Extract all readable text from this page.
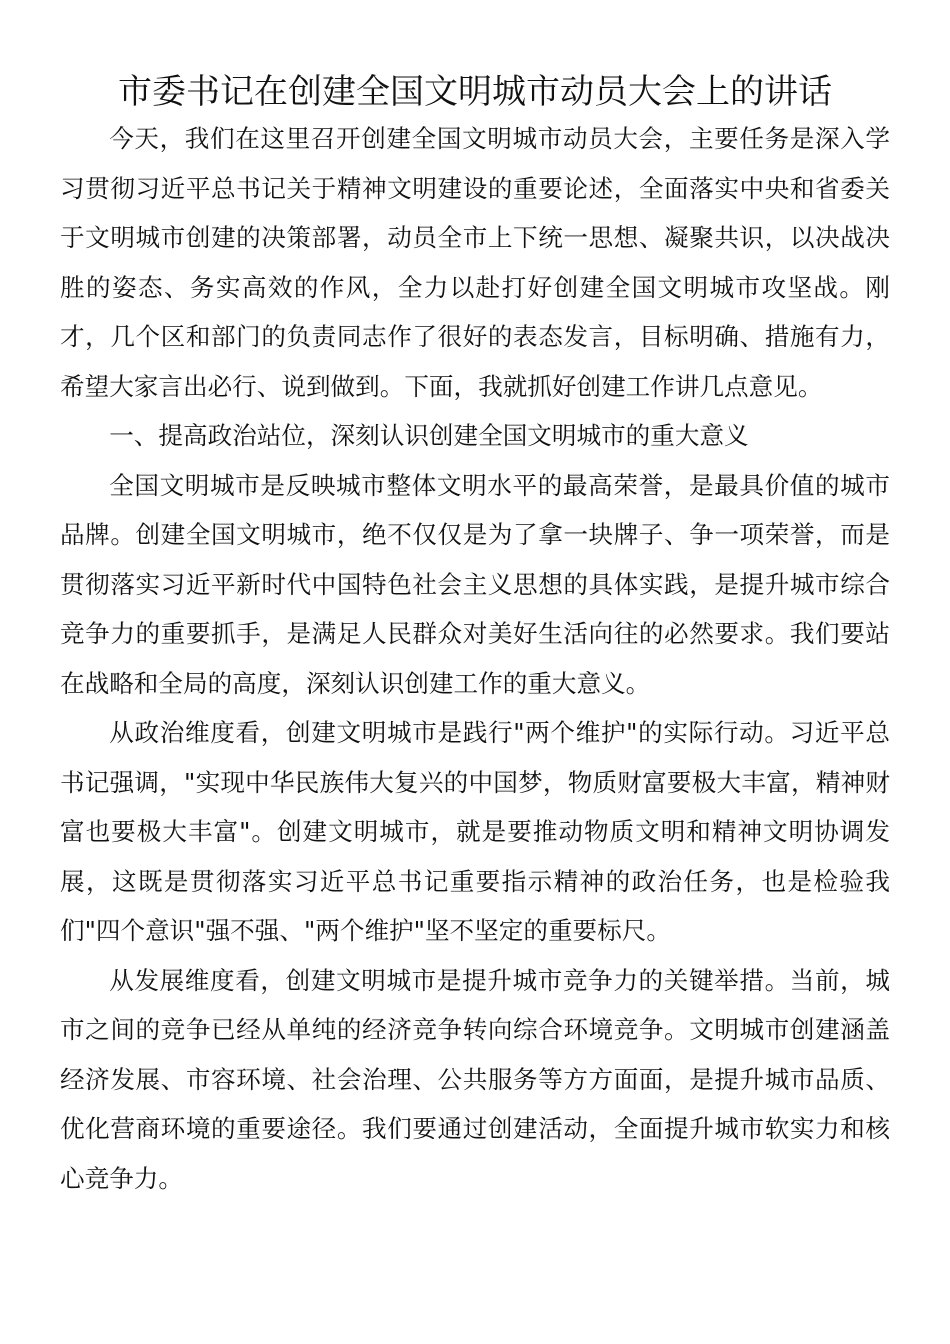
市委书记在创建全国文明城市动员大会上的讲话

今天，我们在这里召开创建全国文明城市动员大会，主要任务是深入学习贯彻习近平总书记关于精神文明建设的重要论述，全面落实中央和省委关于文明城市创建的决策部署，动员全市上下统一思想、凝聚共识，以决战决胜的姿态、务实高效的作风，全力以赴打好创建全国文明城市攻坚战。刚才，几个区和部门的负责同志作了很好的表态发言，目标明确、措施有力，希望大家言出必行、说到做到。下面，我就抓好创建工作讲几点意见。

一、提高政治站位，深刻认识创建全国文明城市的重大意义

全国文明城市是反映城市整体文明水平的最高荣誉，是最具价值的城市品牌。创建全国文明城市，绝不仅仅是为了拿一块牌子、争一项荣誉，而是贯彻落实习近平新时代中国特色社会主义思想的具体实践，是提升城市综合竞争力的重要抓手，是满足人民群众对美好生活向往的必然要求。我们要站在战略和全局的高度，深刻认识创建工作的重大意义。

从政治维度看，创建文明城市是践行"两个维护"的实际行动。习近平总书记强调，"实现中华民族伟大复兴的中国梦，物质财富要极大丰富，精神财富也要极大丰富"。创建文明城市，就是要推动物质文明和精神文明协调发展，这既是贯彻落实习近平总书记重要指示精神的政治任务，也是检验我们"四个意识"强不强、"两个维护"坚不坚定的重要标尺。

从发展维度看，创建文明城市是提升城市竞争力的关键举措。当前，城市之间的竞争已经从单纯的经济竞争转向综合环境竞争。文明城市创建涵盖经济发展、市容环境、社会治理、公共服务等方方面面，是提升城市品质、优化营商环境的重要途径。我们要通过创建活动，全面提升城市软实力和核心竞争力。
